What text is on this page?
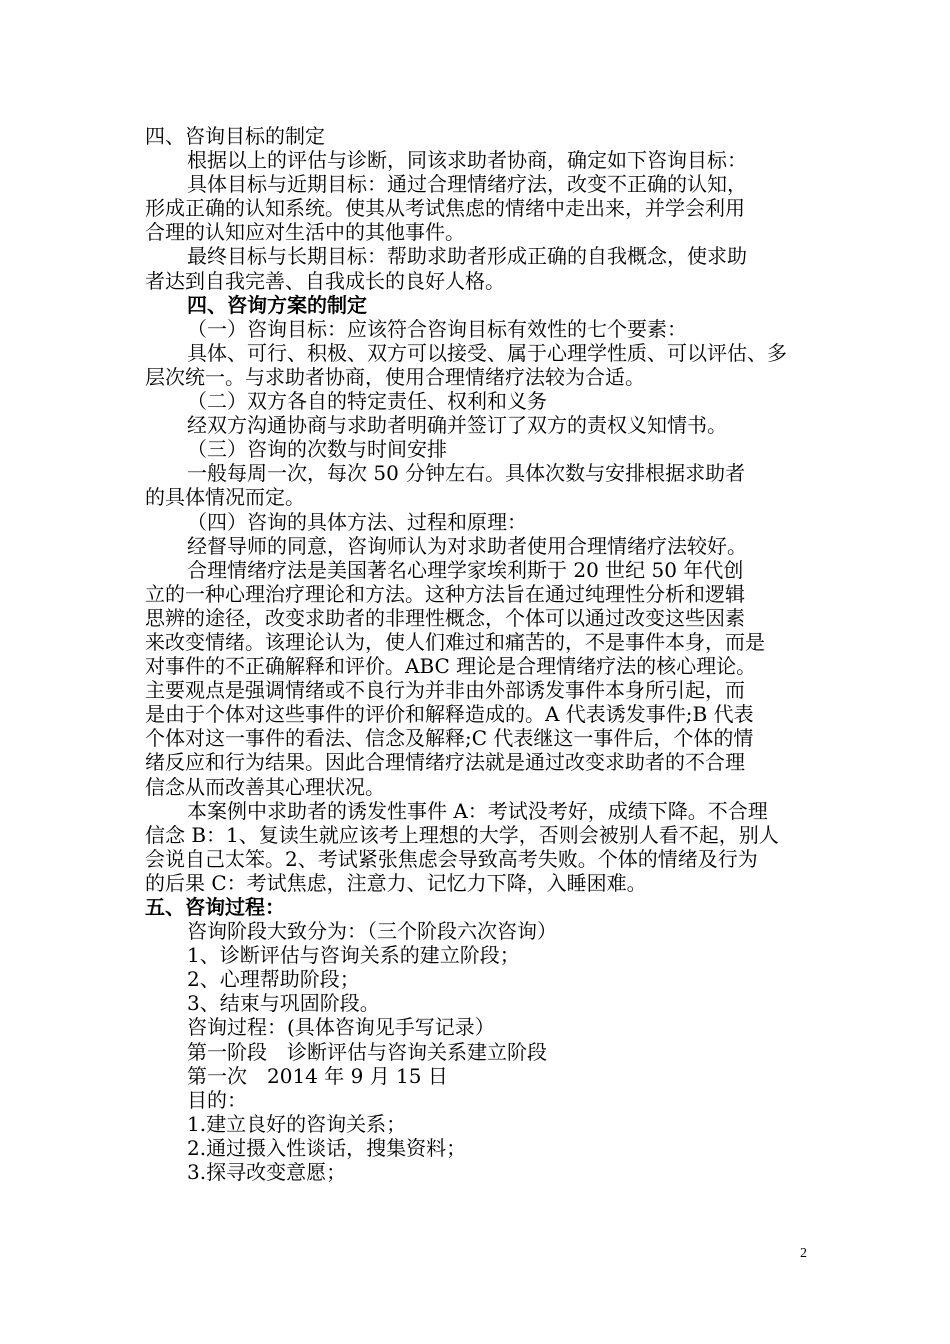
四、咨询目标的制定
根据以上的评估与诊断，同该求助者协商，确定如下咨询目标：
具体目标与近期目标：通过合理情绪疗法，改变不正确的认知，
形成正确的认知系统。使其从考试焦虑的情绪中走出来，并学会利用
合理的认知应对生活中的其他事件。
最终目标与长期目标：帮助求助者形成正确的自我概念，使求助
者达到自我完善、自我成长的良好人格。
四、咨询方案的制定
（一）咨询目标：应该符合咨询目标有效性的七个要素：
具体、可行、积极、双方可以接受、属于心理学性质、可以评估、多
层次统一。与求助者协商，使用合理情绪疗法较为合适。
（二）双方各自的特定责任、权利和义务
经双方沟通协商与求助者明确并签订了双方的责权义知情书。
（三）咨询的次数与时间安排
一般每周一次，每次 50 分钟左右。具体次数与安排根据求助者
的具体情况而定。
（四）咨询的具体方法、过程和原理：
经督导师的同意，咨询师认为对求助者使用合理情绪疗法较好。
合理情绪疗法是美国著名心理学家埃利斯于 20 世纪 50 年代创
立的一种心理治疗理论和方法。这种方法旨在通过纯理性分析和逻辑
思辨的途径，改变求助者的非理性概念，个体可以通过改变这些因素
来改变情绪。该理论认为，使人们难过和痛苦的，不是事件本身，而是
对事件的不正确解释和评价。ABC 理论是合理情绪疗法的核心理论。
主要观点是强调情绪或不良行为并非由外部诱发事件本身所引起，而
是由于个体对这些事件的评价和解释造成的。A 代表诱发事件;B 代表
个体对这一事件的看法、信念及解释;C 代表继这一事件后，个体的情
绪反应和行为结果。因此合理情绪疗法就是通过改变求助者的不合理
信念从而改善其心理状况。
本案例中求助者的诱发性事件 A：考试没考好，成绩下降。不合理
信念 B：1、复读生就应该考上理想的大学，否则会被别人看不起，别人
会说自己太笨。2、考试紧张焦虑会导致高考失败。个体的情绪及行为
的后果 C：考试焦虑，注意力、记忆力下降，入睡困难。
五、咨询过程：
咨询阶段大致分为：（三个阶段六次咨询）
1、诊断评估与咨询关系的建立阶段；
2、心理帮助阶段；
3、结束与巩固阶段。
咨询过程：(具体咨询见手写记录）
第一阶段　诊断评估与咨询关系建立阶段
第一次　2014 年 9 月 15 日
目的：
1.建立良好的咨询关系；
2.通过摄入性谈话，搜集资料；
3.探寻改变意愿；
2
